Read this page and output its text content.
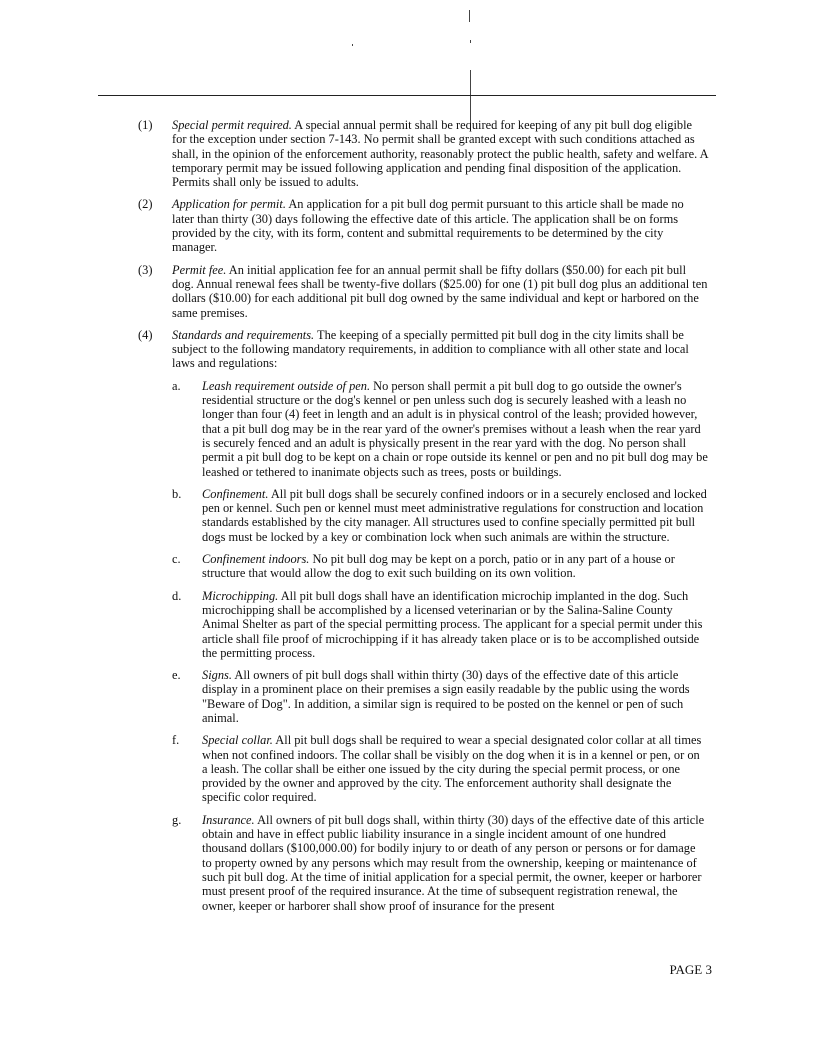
(1) Special permit required. A special annual permit shall be required for keeping of any pit bull dog eligible for the exception under section 7-143. No permit shall be granted except with such conditions attached as shall, in the opinion of the enforcement authority, reasonably protect the public health, safety and welfare. A temporary permit may be issued following application and pending final disposition of the application. Permits shall only be issued to adults.
(2) Application for permit. An application for a pit bull dog permit pursuant to this article shall be made no later than thirty (30) days following the effective date of this article. The application shall be on forms provided by the city, with its form, content and submittal requirements to be determined by the city manager.
(3) Permit fee. An initial application fee for an annual permit shall be fifty dollars ($50.00) for each pit bull dog. Annual renewal fees shall be twenty-five dollars ($25.00) for one (1) pit bull dog plus an additional ten dollars ($10.00) for each additional pit bull dog owned by the same individual and kept or harbored on the same premises.
(4) Standards and requirements. The keeping of a specially permitted pit bull dog in the city limits shall be subject to the following mandatory requirements, in addition to compliance with all other state and local laws and regulations:
a. Leash requirement outside of pen. No person shall permit a pit bull dog to go outside the owner's residential structure or the dog's kennel or pen unless such dog is securely leashed with a leash no longer than four (4) feet in length and an adult is in physical control of the leash; provided however, that a pit bull dog may be in the rear yard of the owner's premises without a leash when the rear yard is securely fenced and an adult is physically present in the rear yard with the dog. No person shall permit a pit bull dog to be kept on a chain or rope outside its kennel or pen and no pit bull dog may be leashed or tethered to inanimate objects such as trees, posts or buildings.
b. Confinement. All pit bull dogs shall be securely confined indoors or in a securely enclosed and locked pen or kennel. Such pen or kennel must meet administrative regulations for construction and location standards established by the city manager. All structures used to confine specially permitted pit bull dogs must be locked by a key or combination lock when such animals are within the structure.
c. Confinement indoors. No pit bull dog may be kept on a porch, patio or in any part of a house or structure that would allow the dog to exit such building on its own volition.
d. Microchipping. All pit bull dogs shall have an identification microchip implanted in the dog. Such microchipping shall be accomplished by a licensed veterinarian or by the Salina-Saline County Animal Shelter as part of the special permitting process. The applicant for a special permit under this article shall file proof of microchipping if it has already taken place or is to be accomplished outside the permitting process.
e. Signs. All owners of pit bull dogs shall within thirty (30) days of the effective date of this article display in a prominent place on their premises a sign easily readable by the public using the words "Beware of Dog". In addition, a similar sign is required to be posted on the kennel or pen of such animal.
f. Special collar. All pit bull dogs shall be required to wear a special designated color collar at all times when not confined indoors. The collar shall be visibly on the dog when it is in a kennel or pen, or on a leash. The collar shall be either one issued by the city during the special permit process, or one provided by the owner and approved by the city. The enforcement authority shall designate the specific color required.
g. Insurance. All owners of pit bull dogs shall, within thirty (30) days of the effective date of this article obtain and have in effect public liability insurance in a single incident amount of one hundred thousand dollars ($100,000.00) for bodily injury to or death of any person or persons or for damage to property owned by any persons which may result from the ownership, keeping or maintenance of such pit bull dog. At the time of initial application for a special permit, the owner, keeper or harborer must present proof of the required insurance. At the time of subsequent registration renewal, the owner, keeper or harborer shall show proof of insurance for the present
PAGE 3
